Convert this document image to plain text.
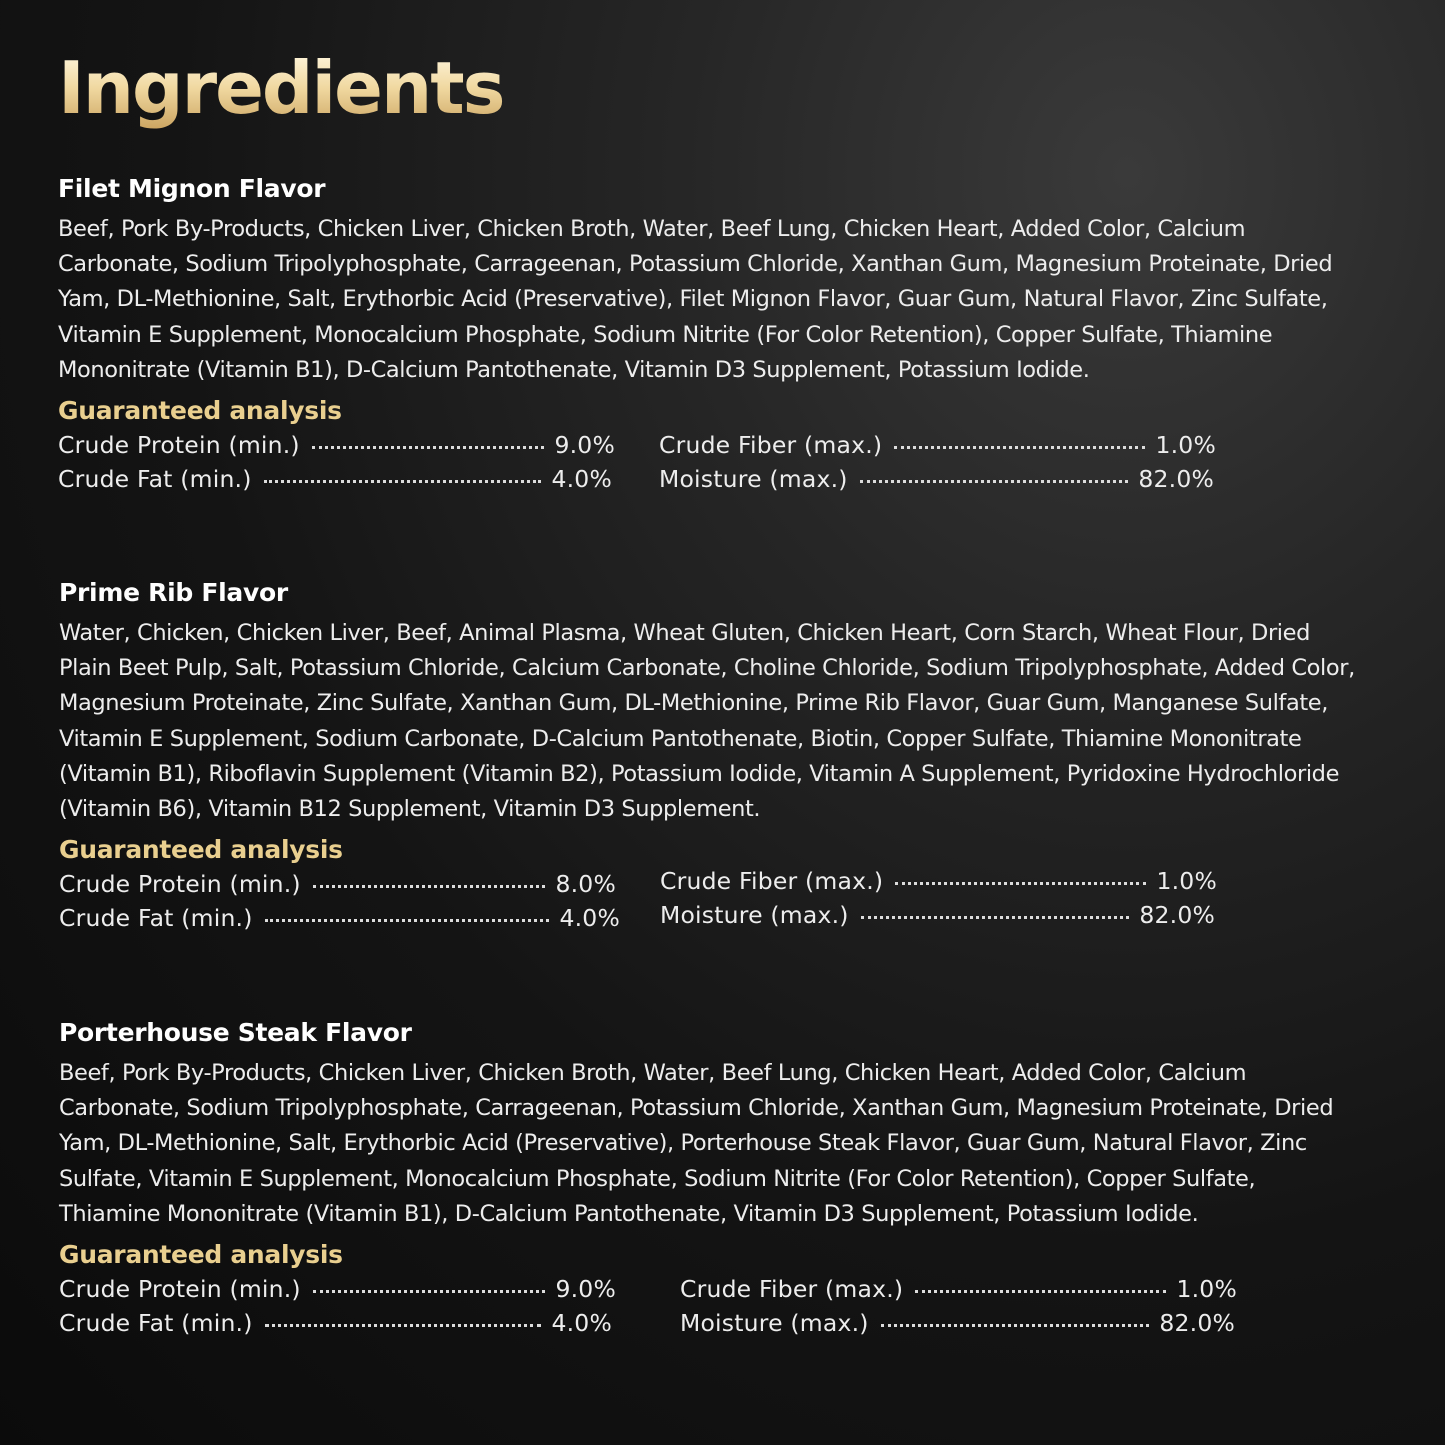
Ingredients
Filet Mignon Flavor

Beef, Pork By-Products, Chicken Liver, Chicken Broth, Water, Beef Lung, Chicken Heart, Added Color, Calcium Carbonate, Sodium Tripolyphosphate, Carrageenan, Potassium Chloride, Xanthan Gum, Magnesium Proteinate, Dried Yam, DL-Methionine, Salt, Erythorbic Acid (Preservative), Filet Mignon Flavor, Guar Gum, Natural Flavor, Zinc Sulfate, Vitamin E Supplement, Monocalcium Phosphate, Sodium Nitrite (For Color Retention), Copper Sulfate, Thiamine Mononitrate (Vitamin B1), D-Calcium Pantothenate, Vitamin D3 Supplement, Potassium Iodide.

Guaranteed analysis
Crude Protein (min.)	9.0%
Crude Fat (min.)	4.0%
Crude Fiber (max.)	1.0%
Moisture (max.)	82.0%
Prime Rib Flavor

Water, Chicken, Chicken Liver, Beef, Animal Plasma, Wheat Gluten, Chicken Heart, Corn Starch, Wheat Flour, Dried Plain Beet Pulp, Salt, Potassium Chloride, Calcium Carbonate, Choline Chloride, Sodium Tripolyphosphate, Added Color, Magnesium Proteinate, Zinc Sulfate, Xanthan Gum, DL-Methionine, Prime Rib Flavor, Guar Gum, Manganese Sulfate, Vitamin E Supplement, Sodium Carbonate, D-Calcium Pantothenate, Biotin, Copper Sulfate, Thiamine Mononitrate (Vitamin B1), Riboflavin Supplement (Vitamin B2), Potassium Iodide, Vitamin A Supplement, Pyridoxine Hydrochloride (Vitamin B6), Vitamin B12 Supplement, Vitamin D3 Supplement.

Guaranteed analysis
Crude Protein (min.)	8.0%
Crude Fat (min.)	4.0%
Crude Fiber (max.)	1.0%
Moisture (max.)	82.0%
Porterhouse Steak Flavor

Beef, Pork By-Products, Chicken Liver, Chicken Broth, Water, Beef Lung, Chicken Heart, Added Color, Calcium Carbonate, Sodium Tripolyphosphate, Carrageenan, Potassium Chloride, Xanthan Gum, Magnesium Proteinate, Dried Yam, DL-Methionine, Salt, Erythorbic Acid (Preservative), Porterhouse Steak Flavor, Guar Gum, Natural Flavor, Zinc Sulfate, Vitamin E Supplement, Monocalcium Phosphate, Sodium Nitrite (For Color Retention), Copper Sulfate, Thiamine Mononitrate (Vitamin B1), D-Calcium Pantothenate, Vitamin D3 Supplement, Potassium Iodide.

Guaranteed analysis
Crude Protein (min.)	9.0%
Crude Fat (min.)	4.0%
Crude Fiber (max.)	1.0%
Moisture (max.)	82.0%
